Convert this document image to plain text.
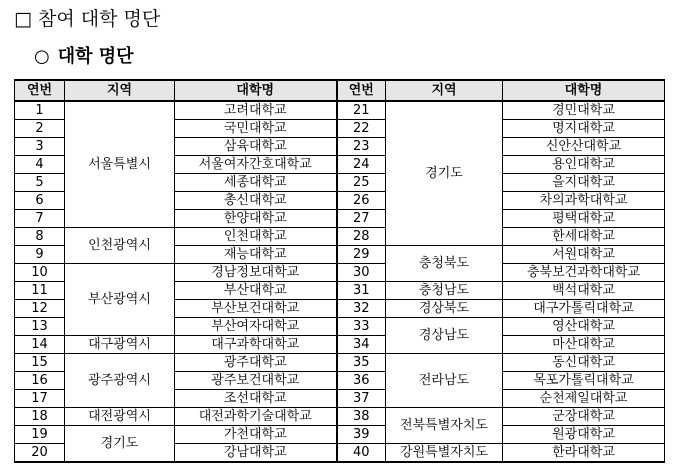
□ 참여 대학 명단
○ 대학 명단
연번	지역	대학명	연번	지역	대학명
1	서울특별시	고려대학교	21	경기도	경민대학교
2		국민대학교	22		명지대학교
3		삼육대학교	23		신안산대학교
4		서울여자간호대학교	24		용인대학교
5		세종대학교	25		을지대학교
6		총신대학교	26		차의과학대학교
7		한양대학교	27		평택대학교
8	인천광역시	인천대학교	28		한세대학교
9		재능대학교	29	충청북도	서원대학교
10	부산광역시	경남정보대학교	30		충북보건과학대학교
11		부산대학교	31	충청남도	백석대학교
12		부산보건대학교	32	경상북도	대구가톨릭대학교
13		부산여자대학교	33	경상남도	영산대학교
14	대구광역시	대구과학대학교	34		마산대학교
15	광주광역시	광주대학교	35	전라남도	동신대학교
16		광주보건대학교	36		목포가톨릭대학교
17		조선대학교	37		순천제일대학교
18	대전광역시	대전과학기술대학교	38	전북특별자치도	군장대학교
19	경기도	가천대학교	39		원광대학교
20		강남대학교	40	강원특별자치도	한라대학교
